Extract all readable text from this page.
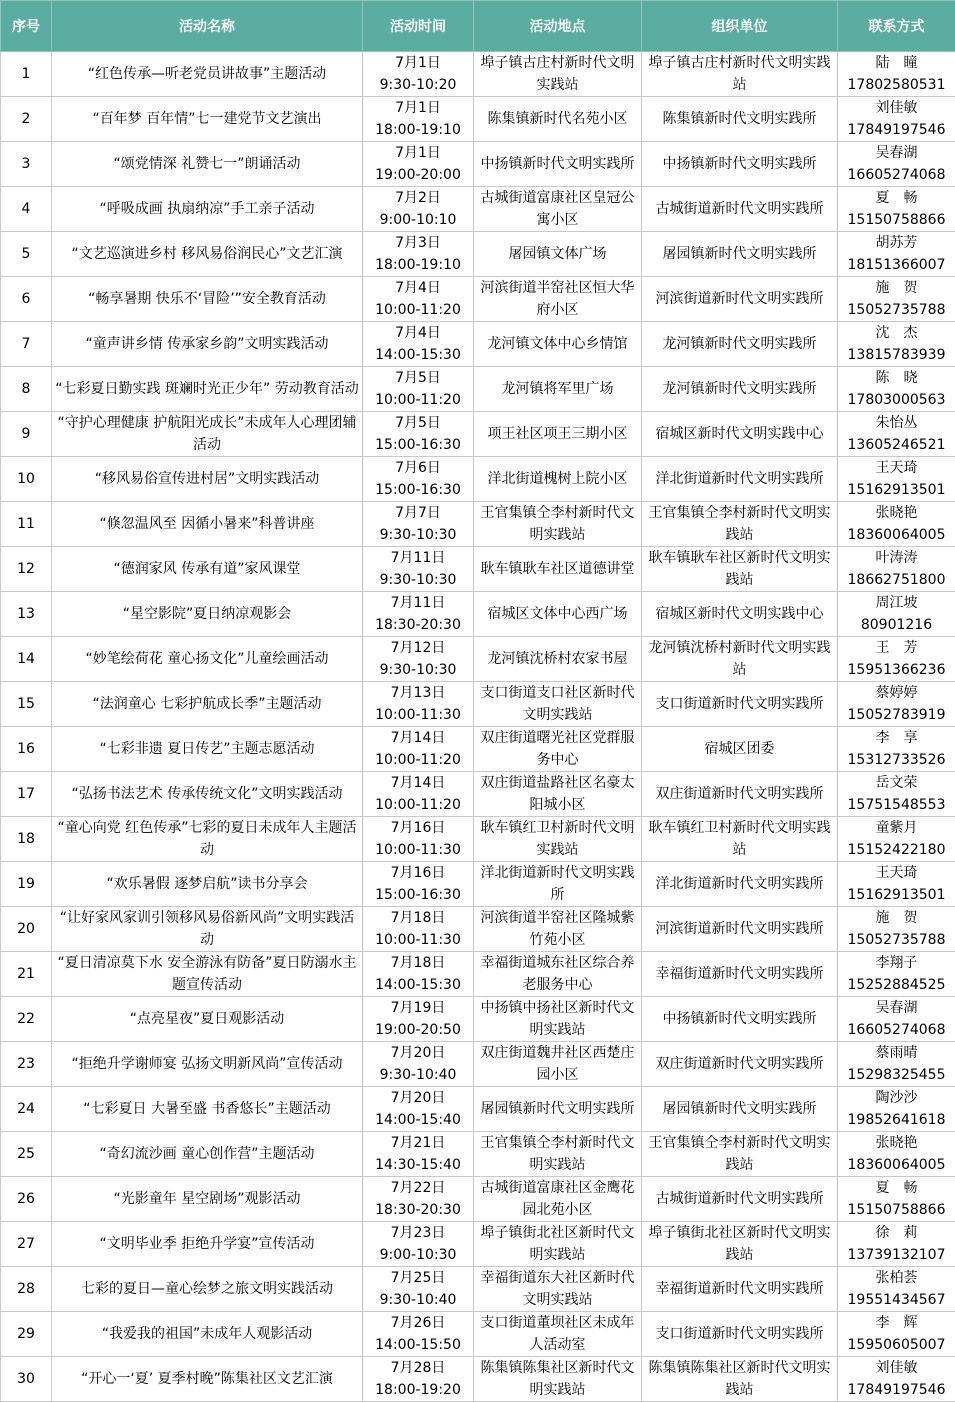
序号	活动名称	活动时间	活动地点	组织单位	联系方式
1	“红色传承—听老党员讲故事”主题活动	7月1日
9:30-10:20	埠子镇古庄村新时代文明实践站	埠子镇古庄村新时代文明实践站	陆　瞳
17802580531

2	“百年梦 百年情”七一建党节文艺演出	7月1日
18:00-19:10	陈集镇新时代名苑小区	陈集镇新时代文明实践所	刘佳敏
17849197546

3	“颂党情深 礼赞七一”朗诵活动	7月1日
19:00-20:00	中扬镇新时代文明实践所	中扬镇新时代文明实践所	吴春湖
16605274068

4	“呼吸成画 执扇纳凉”手工亲子活动	7月2日
9:00-10:10	古城街道富康社区皇冠公寓小区	古城街道新时代文明实践所	夏　畅
15150758866

5	“文艺巡演进乡村 移风易俗润民心”文艺汇演	7月3日
18:00-19:10	屠园镇文体广场	屠园镇新时代文明实践所	胡苏芳
18151366007

6	“畅享暑期 快乐不‘冒险’”安全教育活动	7月4日
10:00-11:20	河滨街道半窑社区恒大华府小区	河滨街道新时代文明实践所	施　贺
15052735788

7	“童声讲乡情 传承家乡韵”文明实践活动	7月4日
14:00-15:30	龙河镇文体中心乡情馆	龙河镇新时代文明实践所	沈　杰
13815783939

8	“七彩夏日勤实践 斑斓时光正少年” 劳动教育活动	7月5日
10:00-11:20	龙河镇将军里广场	龙河镇新时代文明实践所	陈　晓
17803000563

9	“守护心理健康 护航阳光成长”未成年人心理团辅活动	7月5日
15:00-16:30	项王社区项王三期小区	宿城区新时代文明实践中心	朱怡丛
13605246521

10	“移风易俗宣传进村居”文明实践活动	7月6日
15:00-16:30	洋北街道槐树上院小区	洋北街道新时代文明实践所	王天琦
15162913501

11	“倏忽温风至 因循小暑来”科普讲座	7月7日
9:30-10:30	王官集镇仝李村新时代文明实践站	王官集镇仝李村新时代文明实践站	张晓艳
18360064005

12	“德润家风 传承有道”家风课堂	7月11日
9:30-10:30	耿车镇耿车社区道德讲堂	耿车镇耿车社区新时代文明实践站	叶涛涛
18662751800

13	“星空影院”夏日纳凉观影会	7月11日
18:30-20:30	宿城区文体中心西广场	宿城区新时代文明实践中心	周江坡
80901216

14	“妙笔绘荷花 童心扬文化”儿童绘画活动	7月12日
9:30-10:30	龙河镇沈桥村农家书屋	龙河镇沈桥村新时代文明实践站	王　芳
15951366236

15	“法润童心 七彩护航成长季”主题活动	7月13日
10:00-11:30	支口街道支口社区新时代文明实践站	支口街道新时代文明实践所	蔡婷婷
15052783919

16	“七彩非遗 夏日传艺”主题志愿活动	7月14日
10:00-11:20	双庄街道曙光社区党群服务中心	宿城区团委	李　享
15312733526

17	“弘扬书法艺术 传承传统文化”文明实践活动	7月14日
10:00-11:20	双庄街道盐路社区名豪太阳城小区	双庄街道新时代文明实践所	岳文荣
15751548553

18	“童心向党 红色传承”七彩的夏日未成年人主题活动	7月16日
10:00-11:30	耿车镇红卫村新时代文明实践站	耿车镇红卫村新时代文明实践站	童紫月
15152422180

19	“欢乐暑假 逐梦启航”读书分享会	7月16日
15:00-16:30	洋北街道新时代文明实践所	洋北街道新时代文明实践所	王天琦
15162913501

20	“让好家风家训引领移风易俗新风尚”文明实践活动	7月18日
10:00-11:30	河滨街道半窑社区隆城紫竹苑小区	河滨街道新时代文明实践所	施　贺
15052735788

21	“夏日清凉莫下水 安全游泳有防备”夏日防溺水主题宣传活动	7月18日
14:00-15:30	幸福街道城东社区综合养老服务中心	幸福街道新时代文明实践所	李翔子
15252884525

22	“点亮星夜”夏日观影活动	7月19日
19:00-20:50	中扬镇中扬社区新时代文明实践站	中扬镇新时代文明实践所	吴春湖
16605274068

23	“拒绝升学谢师宴 弘扬文明新风尚”宣传活动	7月20日
9:30-10:40	双庄街道魏井社区西楚庄园小区	双庄街道新时代文明实践所	蔡雨晴
15298325455

24	“七彩夏日 大暑至盛 书香悠长”主题活动	7月20日
14:00-15:40	屠园镇新时代文明实践所	屠园镇新时代文明实践所	陶沙沙
19852641618

25	“奇幻流沙画 童心创作营”主题活动	7月21日
14:30-15:40	王官集镇仝李村新时代文明实践站	王官集镇仝李村新时代文明实践站	张晓艳
18360064005

26	“光影童年 星空剧场”观影活动	7月22日
18:30-20:30	古城街道富康社区金鹰花园北苑小区	古城街道新时代文明实践所	夏　畅
15150758866

27	“文明毕业季 拒绝升学宴”宣传活动	7月23日
9:00-10:30	埠子镇街北社区新时代文明实践站	埠子镇街北社区新时代文明实践站	徐　莉
13739132107

28	七彩的夏日—童心绘梦之旅文明实践活动	7月25日
9:30-10:40	幸福街道东大社区新时代文明实践站	幸福街道新时代文明实践所	张柏荟
19551434567

29	“我爱我的祖国”未成年人观影活动	7月26日
14:00-15:50	支口街道董坝社区未成年人活动室	支口街道新时代文明实践所	李　辉
15950605007

30	“开心一‘夏’ 夏季村晚”陈集社区文艺汇演	7月28日
18:00-19:20	陈集镇陈集社区新时代文明实践站	陈集镇陈集社区新时代文明实践站	刘佳敏
17849197546
